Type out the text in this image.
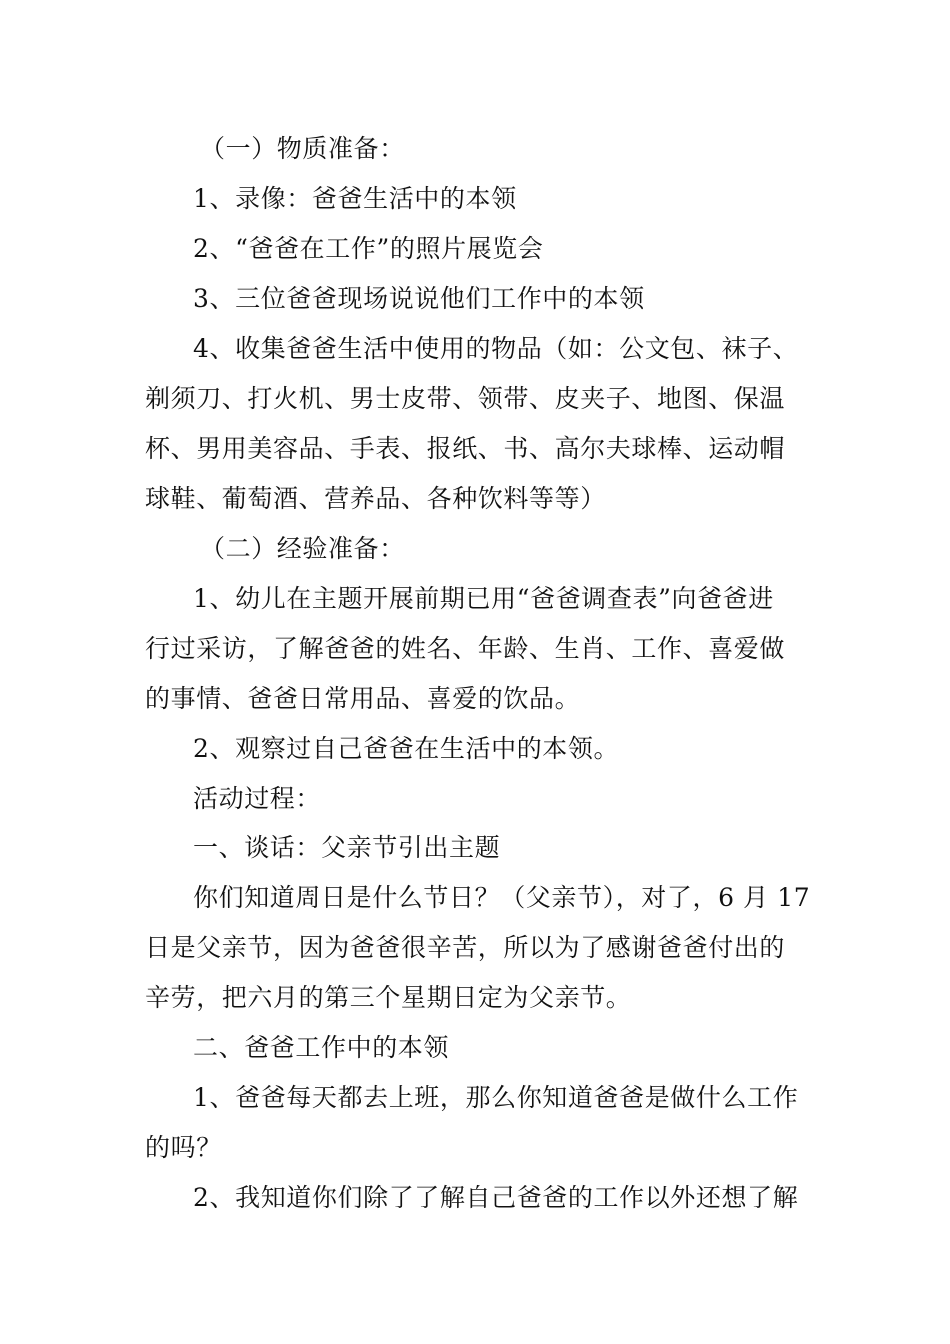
（一）物质准备：
1、录像：爸爸生活中的本领
2、“爸爸在工作”的照片展览会
3、三位爸爸现场说说他们工作中的本领
4、收集爸爸生活中使用的物品（如：公文包、袜子、
剃须刀、打火机、男士皮带、领带、皮夹子、地图、保温
杯、男用美容品、手表、报纸、书、高尔夫球棒、运动帽
球鞋、葡萄酒、营养品、各种饮料等等）
（二）经验准备：
1、幼儿在主题开展前期已用“爸爸调查表”向爸爸进
行过采访，了解爸爸的姓名、年龄、生肖、工作、喜爱做
的事情、爸爸日常用品、喜爱的饮品。
2、观察过自己爸爸在生活中的本领。
活动过程：
一、谈话：父亲节引出主题
你们知道周日是什么节日？（父亲节），对了，6 月 17
日是父亲节，因为爸爸很辛苦，所以为了感谢爸爸付出的
辛劳，把六月的第三个星期日定为父亲节。
二、爸爸工作中的本领
1、爸爸每天都去上班，那么你知道爸爸是做什么工作
的吗？
2、我知道你们除了了解自己爸爸的工作以外还想了解
